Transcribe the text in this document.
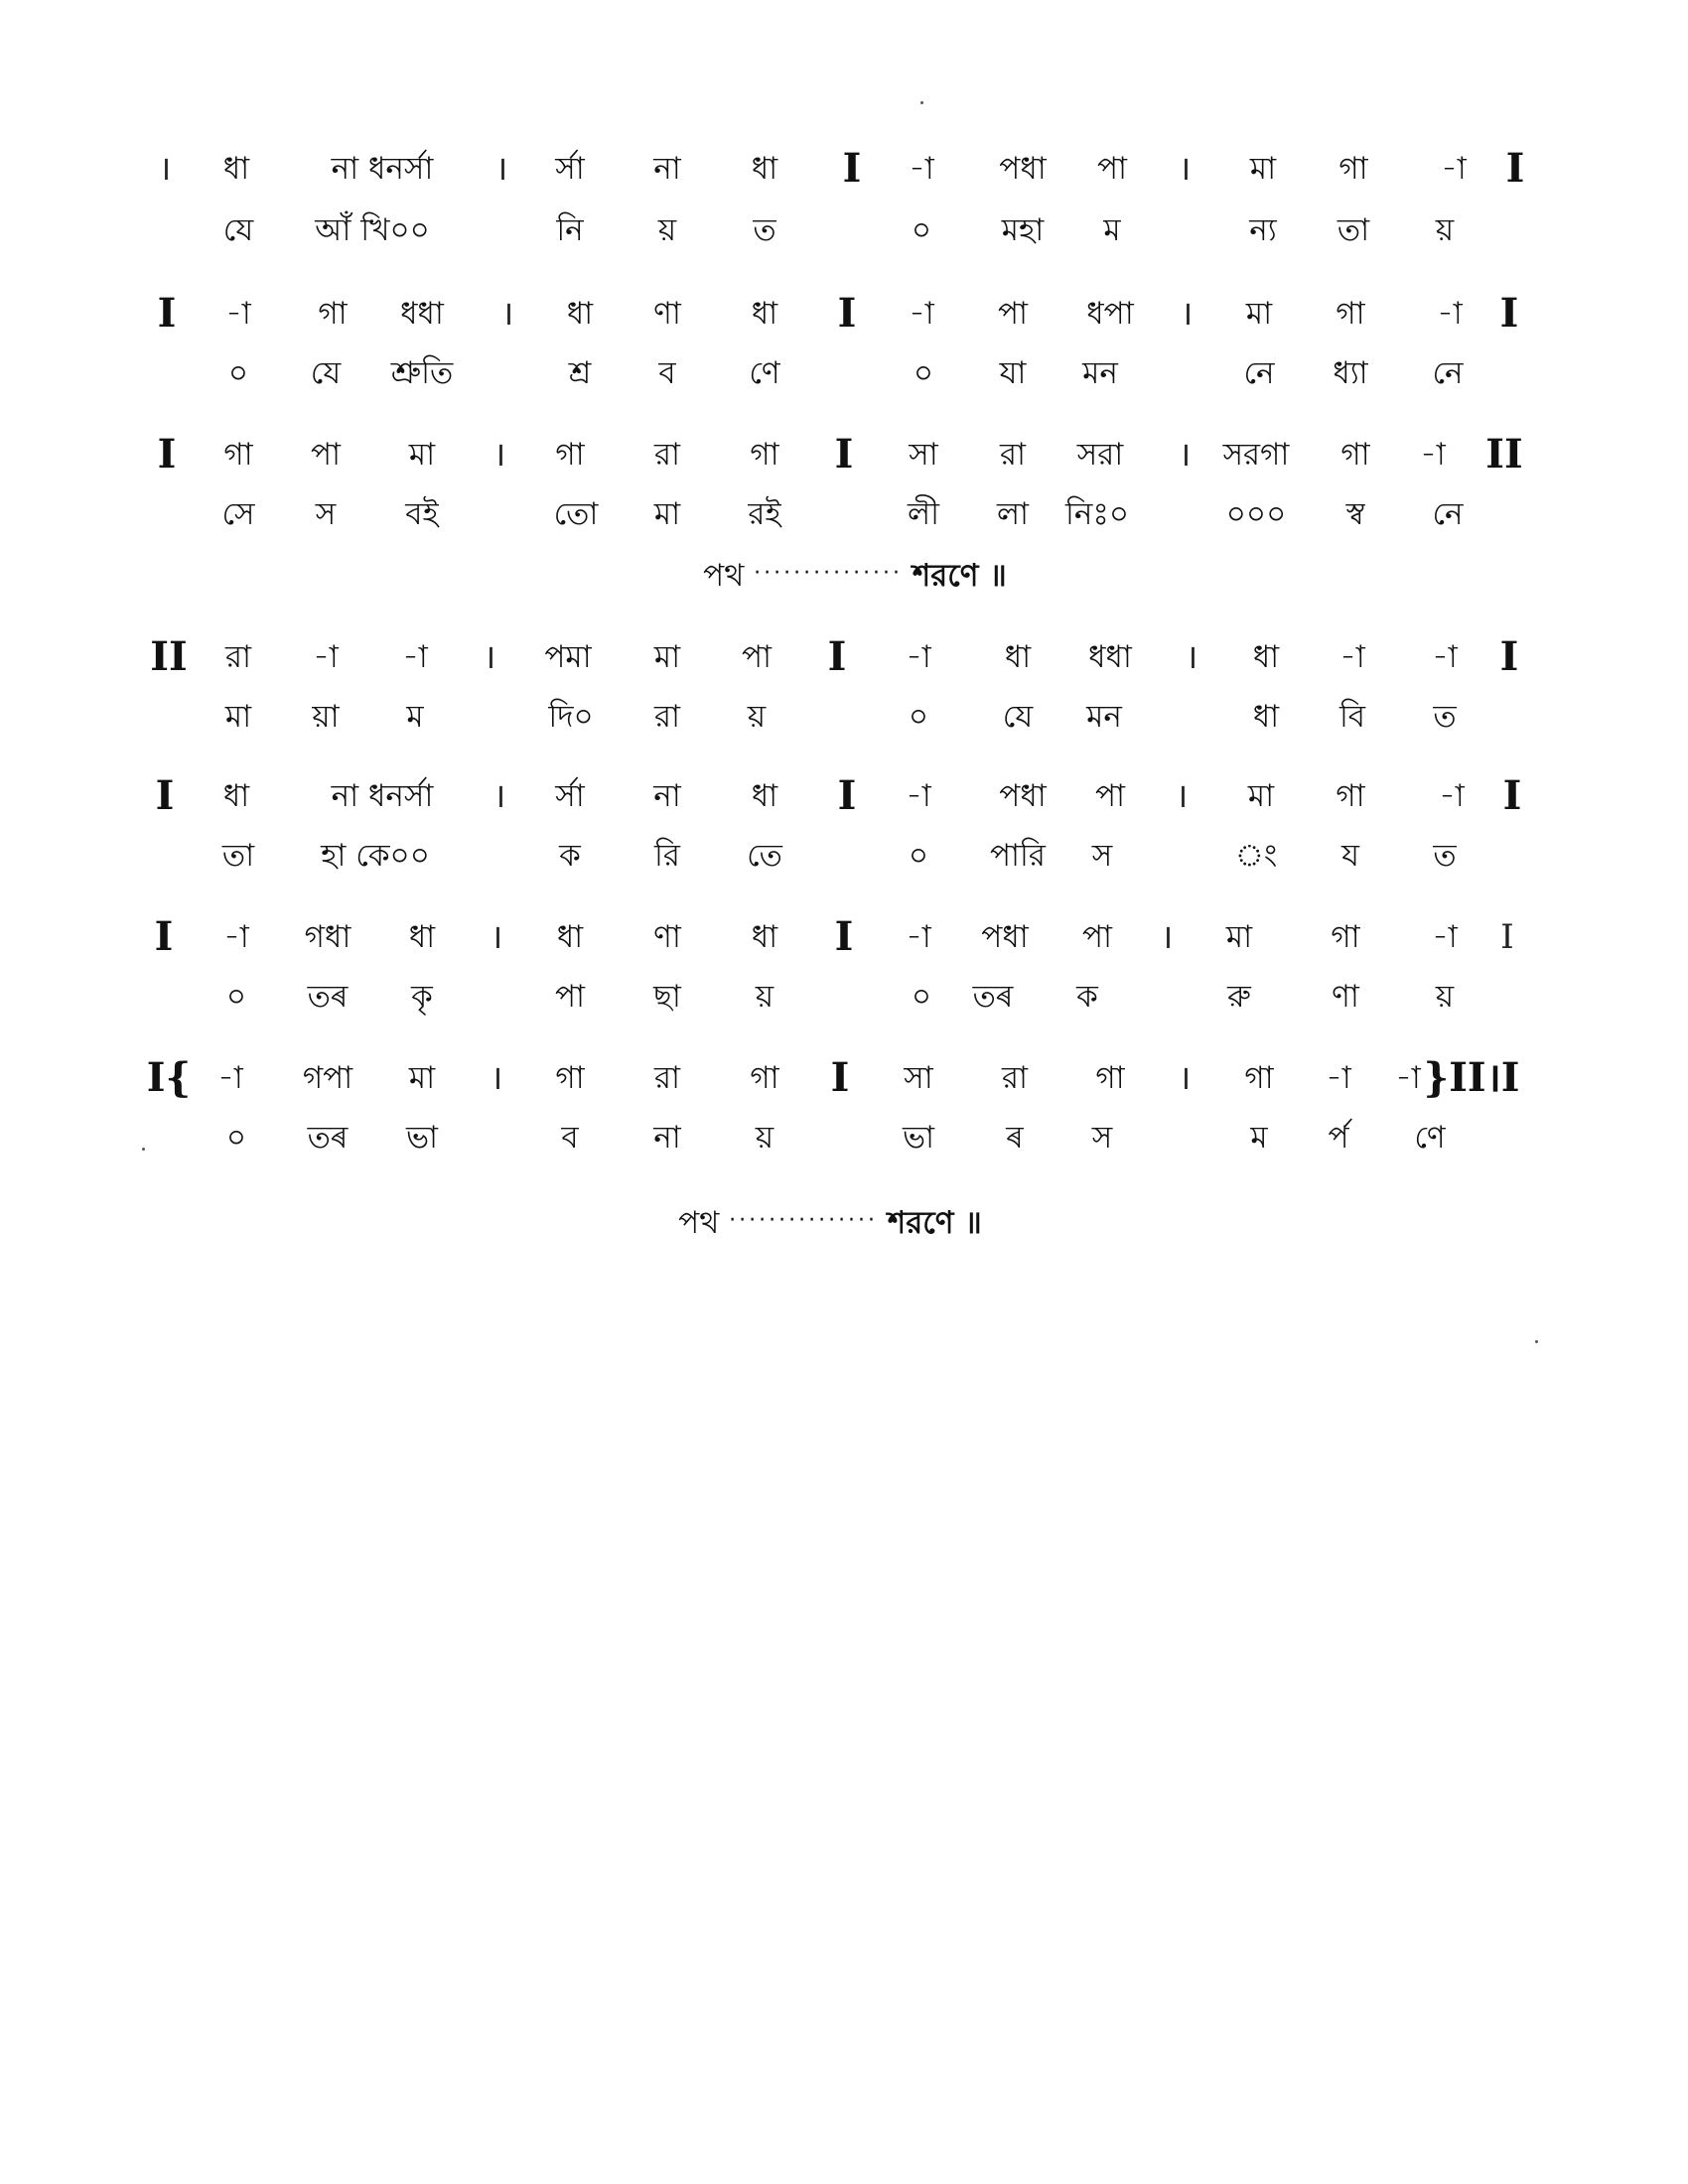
। ধা	না ধনর্সা । র্সা না ধা I -া পধা পা । মা গা -া I
যে আঁ খি০০	নি য় ত	০ মহা ম	ন্য তা য়
I -া গা ধধা । ধা ণা ধা I -া পা ধপা । মা গা -া I
০ যে শ্রুতি	শ্র ব ণে	০ যা মন	নে ধ্যা নে
I গা পা মা । গা রা গা I সা রা সরা । সরগা গা -া II
সে স বই	তো মা রই	লী লা নিঃ০	০০০ স্ব নে
পথ ··············· শরণে ॥
II রা -া -া । পমা মা পা I -া ধা ধধা । ধা -া -া I
মা য়া ম	দি০ রা য়	০ যে মন	ধা বি ত
I ধা	না ধনর্সা । র্সা না ধা I -া পধা পা । মা গা -া I
তা হা কে০০	ক রি তে	০ পারি স	ং য ত
I -া গধা ধা । ধা ণা ধা I -া পধা পা । মা	গা -া I
০ তৰ কৃ	পা ছা য়	০ তৰ ক	রু	ণা য়
I{ -া গপা মা । গা রা গা I সা রা গা । গা -া -া }II।I
০ তৰ ভা	ব না য়	ভা ৰ স	ম র্প ণে
পথ ··············· শরণে ॥
